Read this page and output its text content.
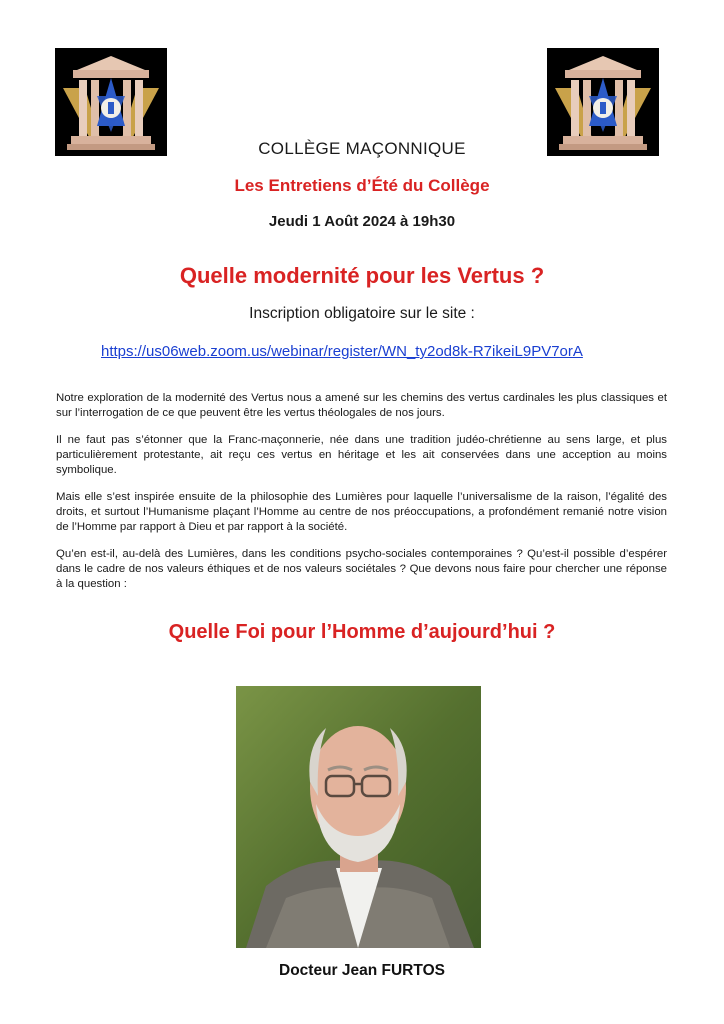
COLLÈGE MAÇONNIQUE
Les Entretiens d’Été du Collège
Jeudi 1 Août 2024 à 19h30
Quelle modernité pour les Vertus ?
Inscription obligatoire sur le site :
https://us06web.zoom.us/webinar/register/WN_ty2od8k-R7ikeiL9PV7orA

Notre exploration de la modernité des Vertus nous a amené sur les chemins des vertus cardinales les plus classiques et sur l’interrogation de ce que peuvent être les vertus théologales de nos jours.

Il ne faut pas s’étonner que la Franc-maçonnerie, née dans une tradition judéo-chrétienne au sens large, et plus particulièrement protestante, ait reçu ces vertus en héritage et les ait conservées dans une acception au moins symbolique.

Mais elle s’est inspirée ensuite de la philosophie des Lumières pour laquelle l’universalisme de la raison, l’égalité des droits, et surtout l’Humanisme plaçant l’Homme au centre de nos préoccupations, a profondément remanié notre vision de l’Homme par rapport à Dieu et par rapport à la société.

Qu’en est-il, au-delà des Lumières, dans les conditions psycho-sociales contemporaines ? Qu’est-il possible d’espérer dans le cadre de nos valeurs éthiques et de nos valeurs sociétales ? Que devons nous faire pour chercher une réponse à la question :

Quelle Foi pour l’Homme d’aujourd’hui ?
Docteur Jean FURTOS
